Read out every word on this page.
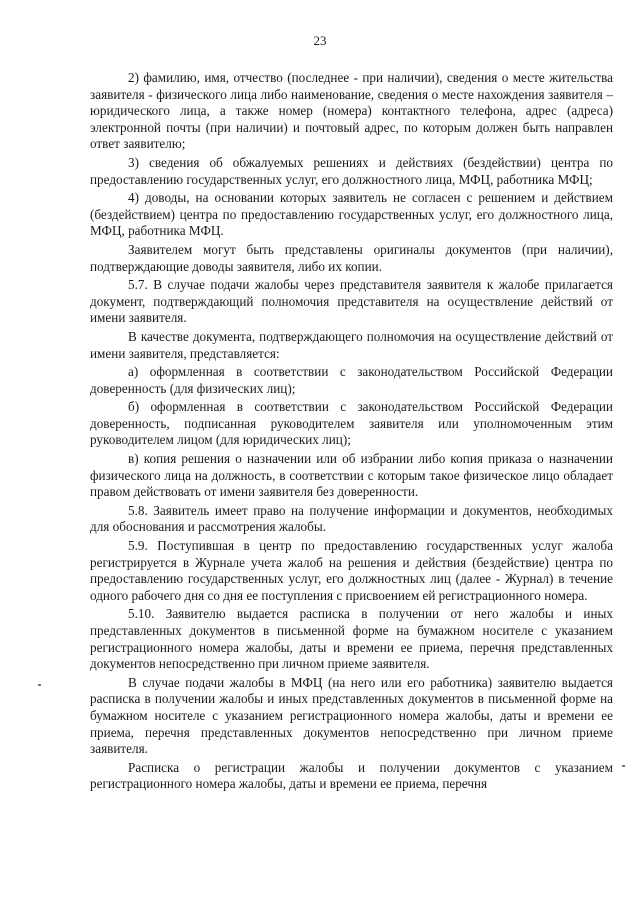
23

2) фамилию, имя, отчество (последнее - при наличии), сведения о месте жительства заявителя - физического лица либо наименование, сведения о месте нахождения заявителя – юридического лица, а также номер (номера) контактного телефона, адрес (адреса) электронной почты (при наличии) и почтовый адрес, по которым должен быть направлен ответ заявителю;

3) сведения об обжалуемых решениях и действиях (бездействии) центра по предоставлению государственных услуг, его должностного лица, МФЦ, работника МФЦ;

4) доводы, на основании которых заявитель не согласен с решением и действием (бездействием) центра по предоставлению государственных услуг, его должностного лица, МФЦ, работника МФЦ.

Заявителем могут быть представлены оригиналы документов (при наличии), подтверждающие доводы заявителя, либо их копии.

5.7. В случае подачи жалобы через представителя заявителя к жалобе прилагается документ, подтверждающий полномочия представителя на осуществление действий от имени заявителя.

В качестве документа, подтверждающего полномочия на осуществление действий от имени заявителя, представляется:

а) оформленная в соответствии с законодательством Российской Федерации доверенность (для физических лиц);

б) оформленная в соответствии с законодательством Российской Федерации доверенность, подписанная руководителем заявителя или уполномоченным этим руководителем лицом (для юридических лиц);

в) копия решения о назначении или об избрании либо копия приказа о назначении физического лица на должность, в соответствии с которым такое физическое лицо обладает правом действовать от имени заявителя без доверенности.

5.8. Заявитель имеет право на получение информации и документов, необходимых для обоснования и рассмотрения жалобы.

5.9. Поступившая в центр по предоставлению государственных услуг жалоба регистрируется в Журнале учета жалоб на решения и действия (бездействие) центра по предоставлению государственных услуг, его должностных лиц (далее - Журнал) в течение одного рабочего дня со дня ее поступления с присвоением ей регистрационного номера.

5.10. Заявителю выдается расписка в получении от него жалобы и иных представленных документов в письменной форме на бумажном носителе с указанием регистрационного номера жалобы, даты и времени ее приема, перечня представленных документов непосредственно при личном приеме заявителя.

В случае подачи жалобы в МФЦ (на него или его работника) заявителю выдается расписка в получении жалобы и иных представленных документов в письменной форме на бумажном носителе с указанием регистрационного номера жалобы, даты и времени ее приема, перечня представленных документов непосредственно при личном приеме заявителя.

Расписка о регистрации жалобы и получении документов с указанием регистрационного номера жалобы, даты и времени ее приема, перечня
